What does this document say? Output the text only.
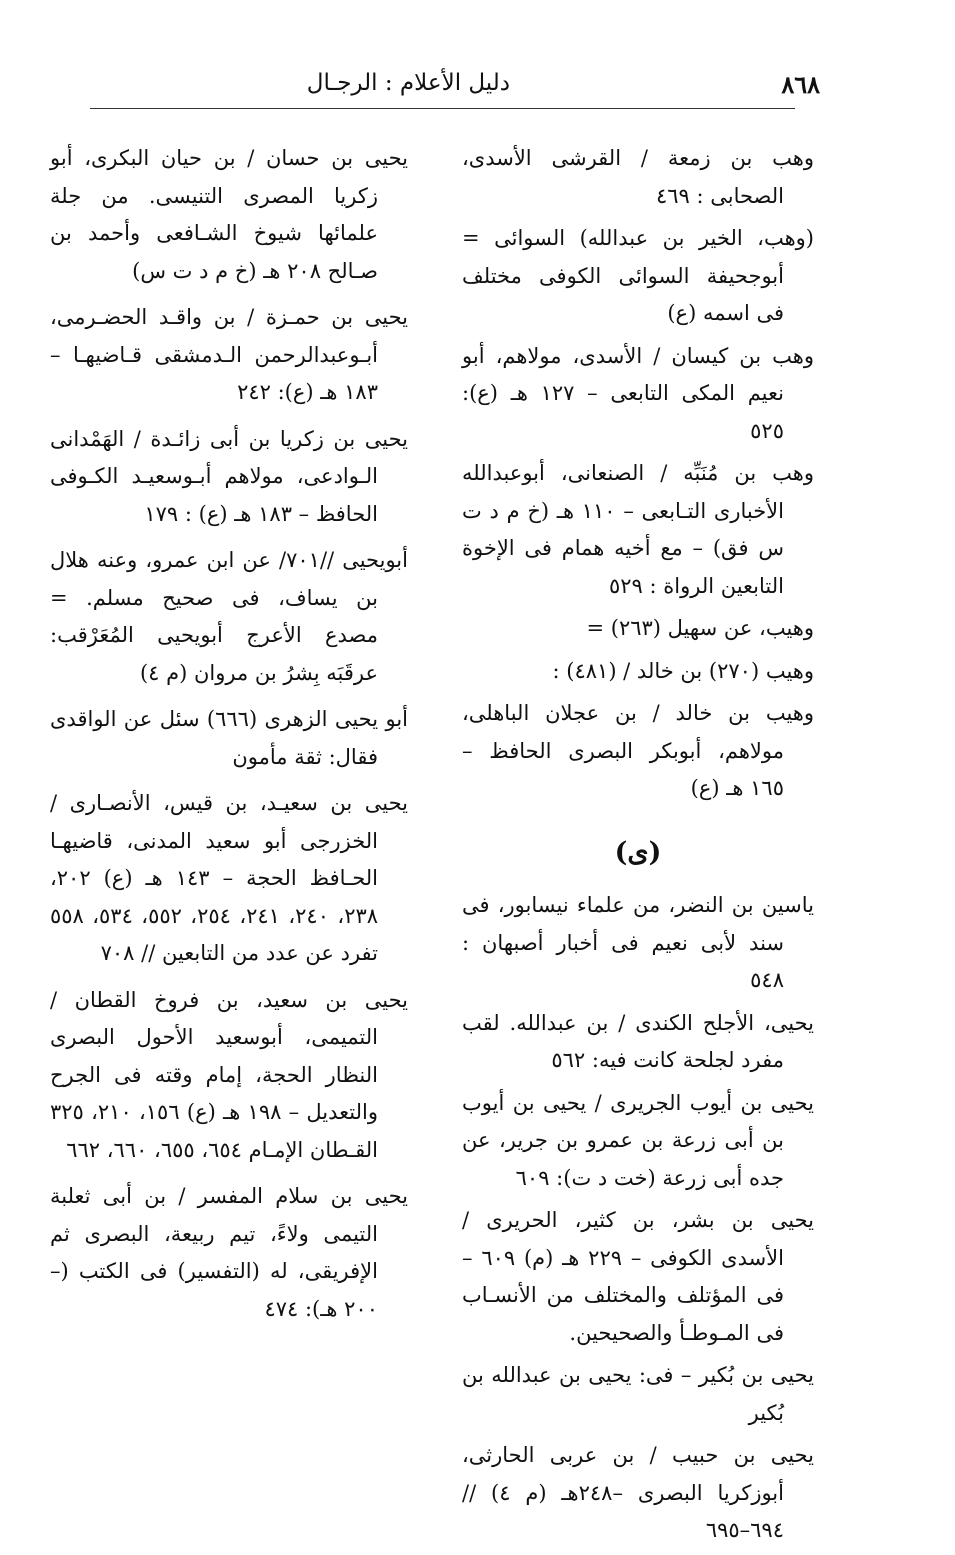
٨٦٨
دليل الأعلام : الرجـال

وهب بن زمعة / القرشى الأسدى، الصحابى : ٤٦٩

(وهب، الخير بن عبدالله) السوائى = أبوجحيفة السوائى الكوفى مختلف فى اسمه (ع)

وهب بن كيسان / الأسدى، مولاهم، أبو نعيم المكى التابعى – ١٢٧ هـ (ع): ٥٢٥

وهب بن مُنَبِّه / الصنعانى، أبوعبدالله الأخبارى التـابعى – ١١٠ هـ (خ م د ت س فق) – مع أخيه همام فى الإخوة التابعين الرواة : ٥٢٩

وهيب، عن سهيل (٢٦٣) =

وهيب (٢٧٠) بن خالد / (٤٨١) :

وهيب بن خالد / بن عجلان الباهلى، مولاهم، أبوبكر البصرى الحافظ – ١٦٥ هـ (ع)

(ى)

ياسين بن النضر، من علماء نيسابور، فى سند لأبى نعيم فى أخبار أصبهان : ٥٤٨

يحيى، الأجلح الكندى / بن عبدالله. لقب مفرد لجلحة كانت فيه: ٥٦٢

يحيى بن أيوب الجريرى / يحيى بن أيوب بن أبى زرعة بن عمرو بن جرير، عن جده أبى زرعة (خت د ت): ٦٠٩

يحيى بن بشر، بن كثير، الحريرى / الأسدى الكوفى – ٢٢٩ هـ (م) ٦٠٩ – فى المؤتلف والمختلف من الأنسـاب فى المـوطـأ والصحيحين.

يحيى بن بُكير – فى: يحيى بن عبدالله بن بُكير

يحيى بن حبيب / بن عربى الحارثى، أبوزكريا البصرى –٢٤٨هـ (م ٤) //٦٩٤–٦٩٥

يحيى بن حسان / بن حيان البكرى، أبو زكريا المصرى التنيسى. من جلة علمائها شيوخ الشـافعى وأحمد بن صـالح ٢٠٨ هـ (خ م د ت س)

يحيى بن حمـزة / بن واقـد الحضـرمى، أبـوعبدالرحمن الـدمشقى قـاضيهـا – ١٨٣ هـ (ع): ٢٤٢

يحيى بن زكريا بن أبى زائـدة / الهَمْدانى الـوادعى، مولاهم أبـوسعيـد الكـوفى الحافظ – ١٨٣ هـ (ع) : ١٧٩

أبويحيى //٧٠١/ عن ابن عمرو، وعنه هلال بن يساف، فى صحيح مسلم. = مصدع الأعرج أبويحيى المُعَرْقب: عرقَبَه بِشرُ بن مروان (م ٤)

أبو يحيى الزهرى (٦٦٦) سئل عن الواقدى فقال: ثقة مأمون

يحيى بن سعيـد، بن قيس، الأنصـارى / الخزرجى أبو سعيد المدنى، قاضيهـا الحـافظ الحجة – ١٤٣ هـ (ع) ٢٠٢، ٢٣٨، ٢٤٠، ٢٤١، ٢٥٤، ٥٥٢، ٥٣٤، ٥٥٨ تفرد عن عدد من التابعين // ٧٠٨

يحيى بن سعيد، بن فروخ القطان / التميمى، أبوسعيد الأحول البصرى النظار الحجة، إمام وقته فى الجرح والتعديل – ١٩٨ هـ (ع) ١٥٦، ٢١٠، ٣٢٥ القـطان الإمـام ٦٥٤، ٦٥٥، ٦٦٠، ٦٦٢

يحيى بن سلام المفسر / بن أبى ثعلبة التيمى ولاءً، تيم ربيعة، البصرى ثم الإفريقى، له (التفسير) فى الكتب (–٢٠٠ هـ): ٤٧٤
